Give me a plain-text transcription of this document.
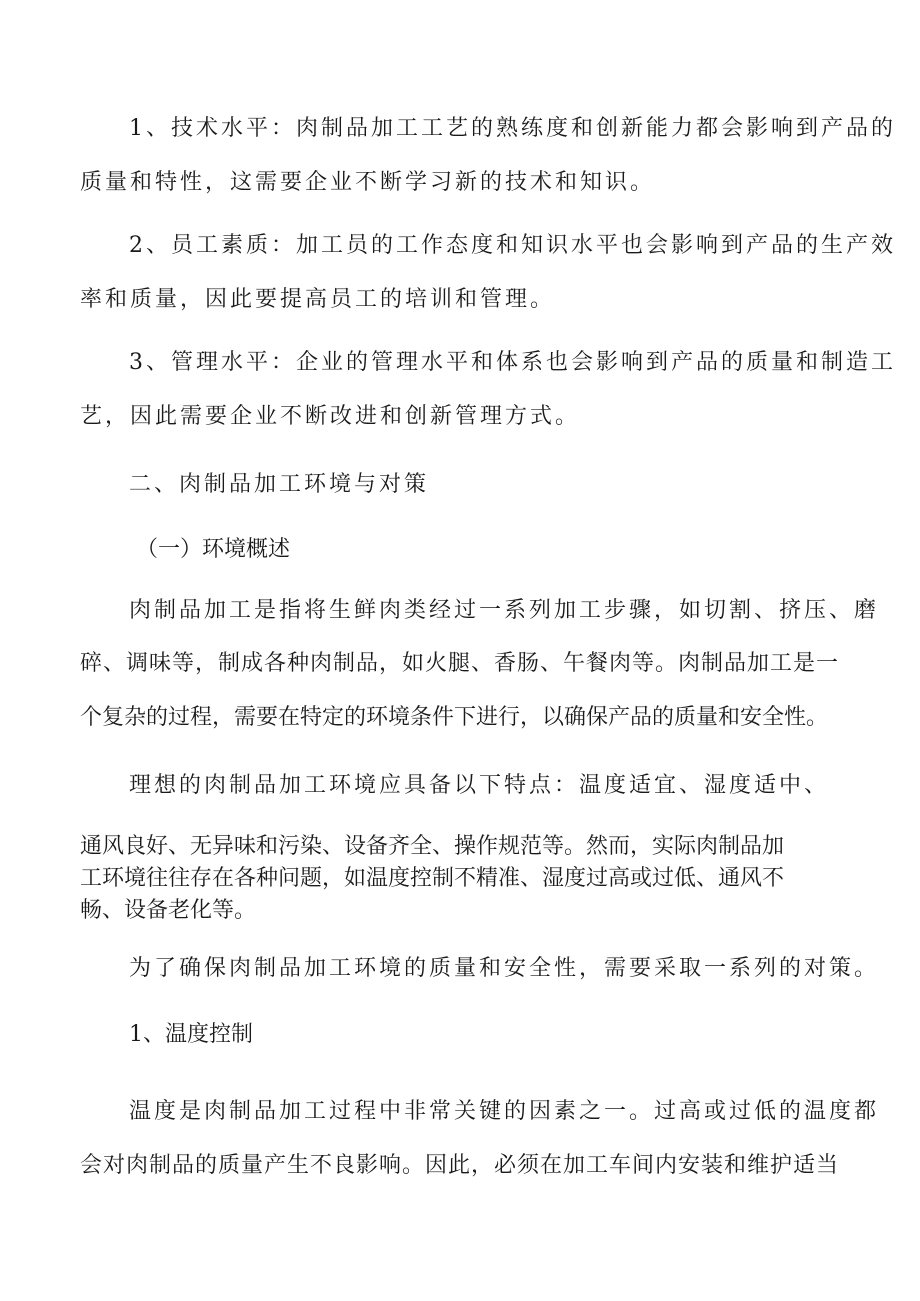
1、技术水平：肉制品加工工艺的熟练度和创新能力都会影响到产品的
质量和特性，这需要企业不断学习新的技术和知识。
2、员工素质：加工员的工作态度和知识水平也会影响到产品的生产效
率和质量，因此要提高员工的培训和管理。
3、管理水平：企业的管理水平和体系也会影响到产品的质量和制造工
艺，因此需要企业不断改进和创新管理方式。
二、肉制品加工环境与对策
（一）环境概述
肉制品加工是指将生鲜肉类经过一系列加工步骤，如切割、挤压、磨
碎、调味等，制成各种肉制品，如火腿、香肠、午餐肉等。肉制品加工是一
个复杂的过程，需要在特定的环境条件下进行，以确保产品的质量和安全性。
理想的肉制品加工环境应具备以下特点：温度适宜、湿度适中、
通风良好、无异味和污染、设备齐全、操作规范等。然而，实际肉制品加
工环境往往存在各种问题，如温度控制不精准、湿度过高或过低、通风不
畅、设备老化等。
为了确保肉制品加工环境的质量和安全性，需要采取一系列的对策。
1、温度控制
温度是肉制品加工过程中非常关键的因素之一。过高或过低的温度都
会对肉制品的质量产生不良影响。因此，必须在加工车间内安装和维护适当
